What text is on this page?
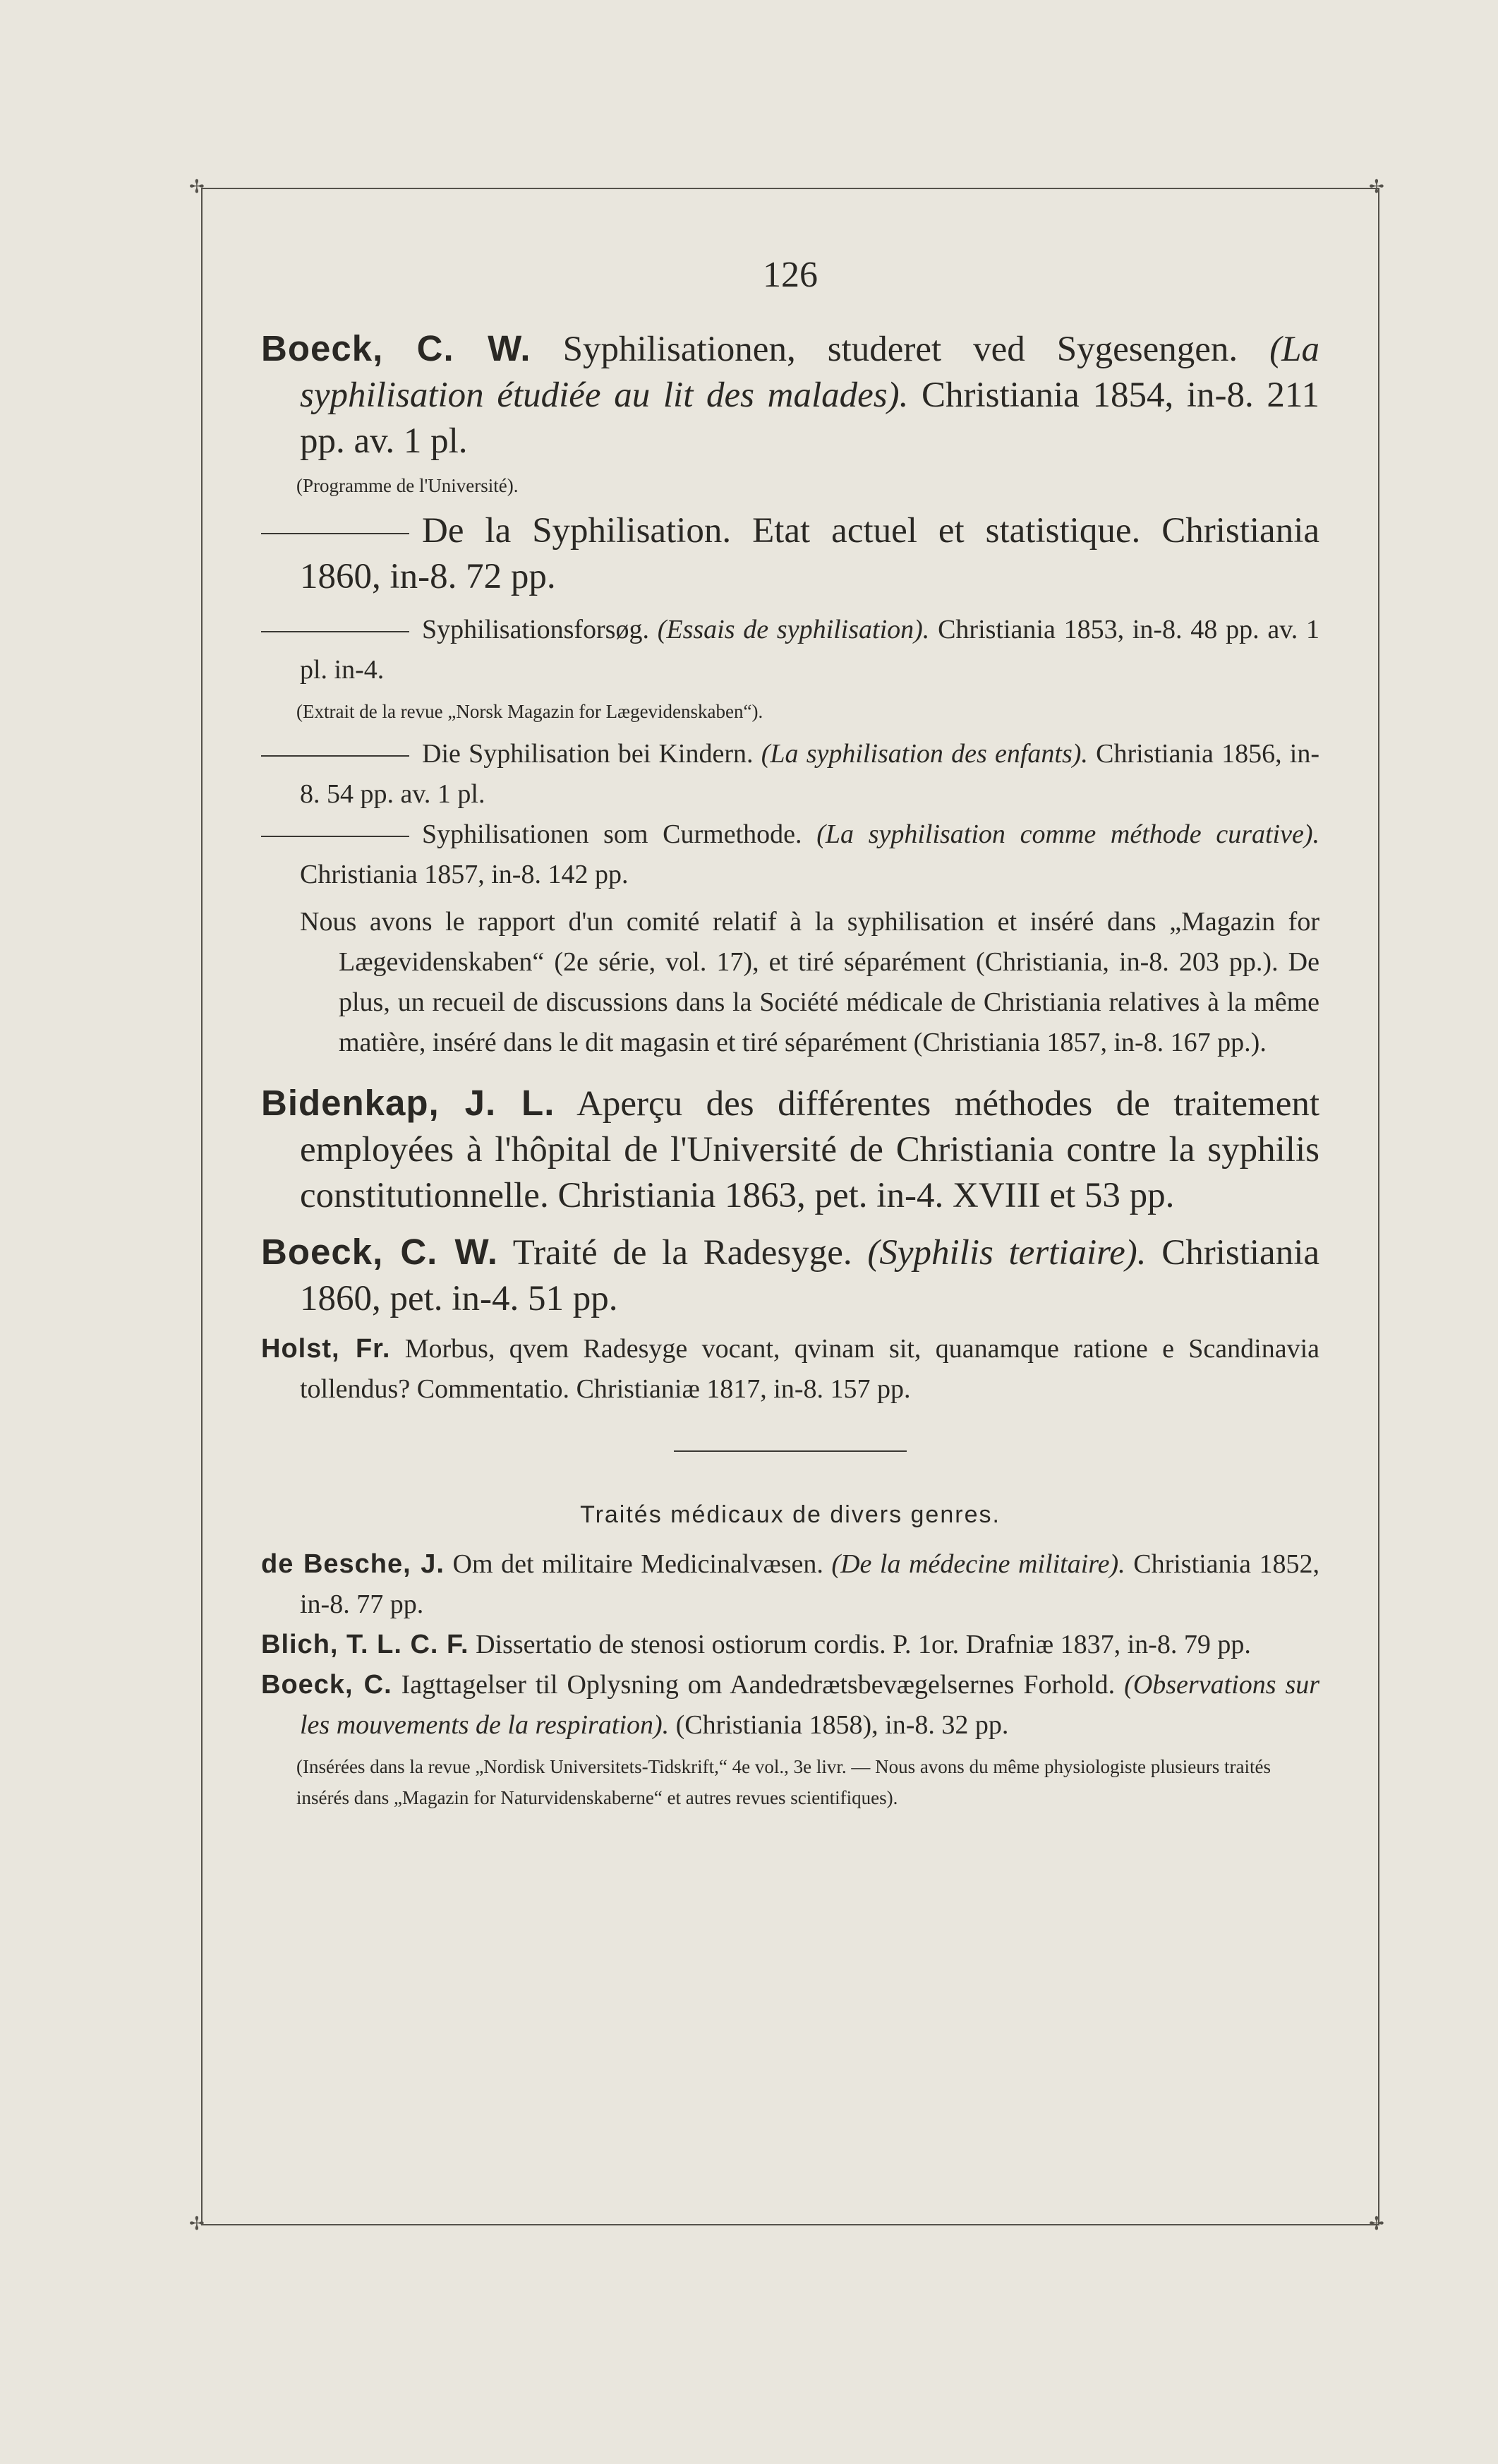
✢	✢
✢	✢
126

Boeck, C. W. Syphilisationen, studeret ved Sygesengen. (La syphilisation étudiée au lit des malades). Christiania 1854, in-8. 211 pp. av. 1 pl.

(Programme de l'Université).

De la Syphilisation. Etat actuel et statistique. Christiania 1860, in-8. 72 pp.

Syphilisationsforsøg. (Essais de syphilisation). Christiania 1853, in-8. 48 pp. av. 1 pl. in-4.

(Extrait de la revue „Norsk Magazin for Lægevidenskaben“).

Die Syphilisation bei Kindern. (La syphilisation des enfants). Christiania 1856, in-8. 54 pp. av. 1 pl.

Syphilisationen som Curmethode. (La syphilisation comme méthode curative). Christiania 1857, in-8. 142 pp.

Nous avons le rapport d'un comité relatif à la syphilisation et inséré dans „Magazin for Lægevidenskaben“ (2e série, vol. 17), et tiré séparément (Christiania, in-8. 203 pp.). De plus, un recueil de discussions dans la Société médicale de Christiania relatives à la même matière, inséré dans le dit magasin et tiré séparément (Christiania 1857, in-8. 167 pp.).

Bidenkap, J. L. Aperçu des différentes méthodes de traitement employées à l'hôpital de l'Université de Christiania contre la syphilis constitutionnelle. Christiania 1863, pet. in-4. XVIII et 53 pp.

Boeck, C. W. Traité de la Radesyge. (Syphilis tertiaire). Christiania 1860, pet. in-4. 51 pp.

Holst, Fr. Morbus, qvem Radesyge vocant, qvinam sit, quanamque ratione e Scandinavia tollendus? Commentatio. Christianiæ 1817, in-8. 157 pp.

Traités médicaux de divers genres.

de Besche, J. Om det militaire Medicinalvæsen. (De la médecine militaire). Christiania 1852, in-8. 77 pp.

Blich, T. L. C. F. Dissertatio de stenosi ostiorum cordis. P. 1or. Drafniæ 1837, in-8. 79 pp.

Boeck, C. Iagttagelser til Oplysning om Aandedrætsbevægelsernes Forhold. (Observations sur les mouvements de la respiration). (Christiania 1858), in-8. 32 pp.

(Insérées dans la revue „Nordisk Universitets-Tidskrift,“ 4e vol., 3e livr. — Nous avons du même physiologiste plusieurs traités insérés dans „Magazin for Naturvidenskaberne“ et autres revues scientifiques).
